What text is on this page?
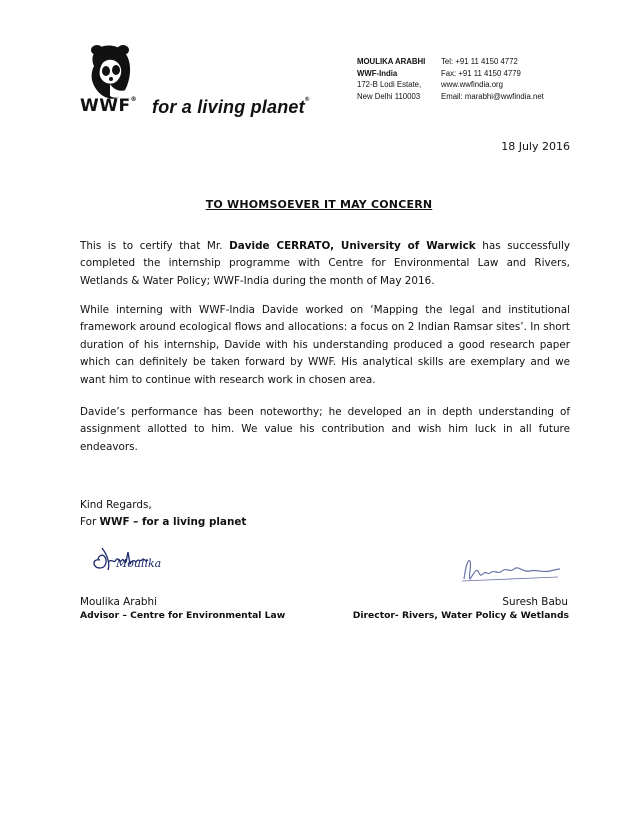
WWF® for a living planet®
MOULIKA ARABHI
WWF-India
172-B Lodi Estate,
New Delhi 110003
Tel: +91 11 4150 4772
Fax: +91 11 4150 4779
www.wwfindia.org
Email: marabhi@wwfindia.net
18 July 2016
TO WHOMSOEVER IT MAY CONCERN

This is to certify that Mr. Davide CERRATO, University of Warwick has successfully completed the internship programme with Centre for Environmental Law and Rivers, Wetlands & Water Policy; WWF-India during the month of May 2016.

While interning with WWF-India Davide worked on ‘Mapping the legal and institutional framework around ecological flows and allocations: a focus on 2 Indian Ramsar sites’. In short duration of his internship, Davide with his understanding produced a good research paper which can definitely be taken forward by WWF. His analytical skills are exemplary and we want him to continue with research work in chosen area.

Davide’s performance has been noteworthy; he developed an in depth understanding of assignment allotted to him. We value his contribution and wish him luck in all future endeavors.

Kind Regards,
For WWF – for a living planet
Moulika
Moulika Arabhi	Suresh Babu
Advisor – Centre for Environmental Law	Director- Rivers, Water Policy & Wetlands
